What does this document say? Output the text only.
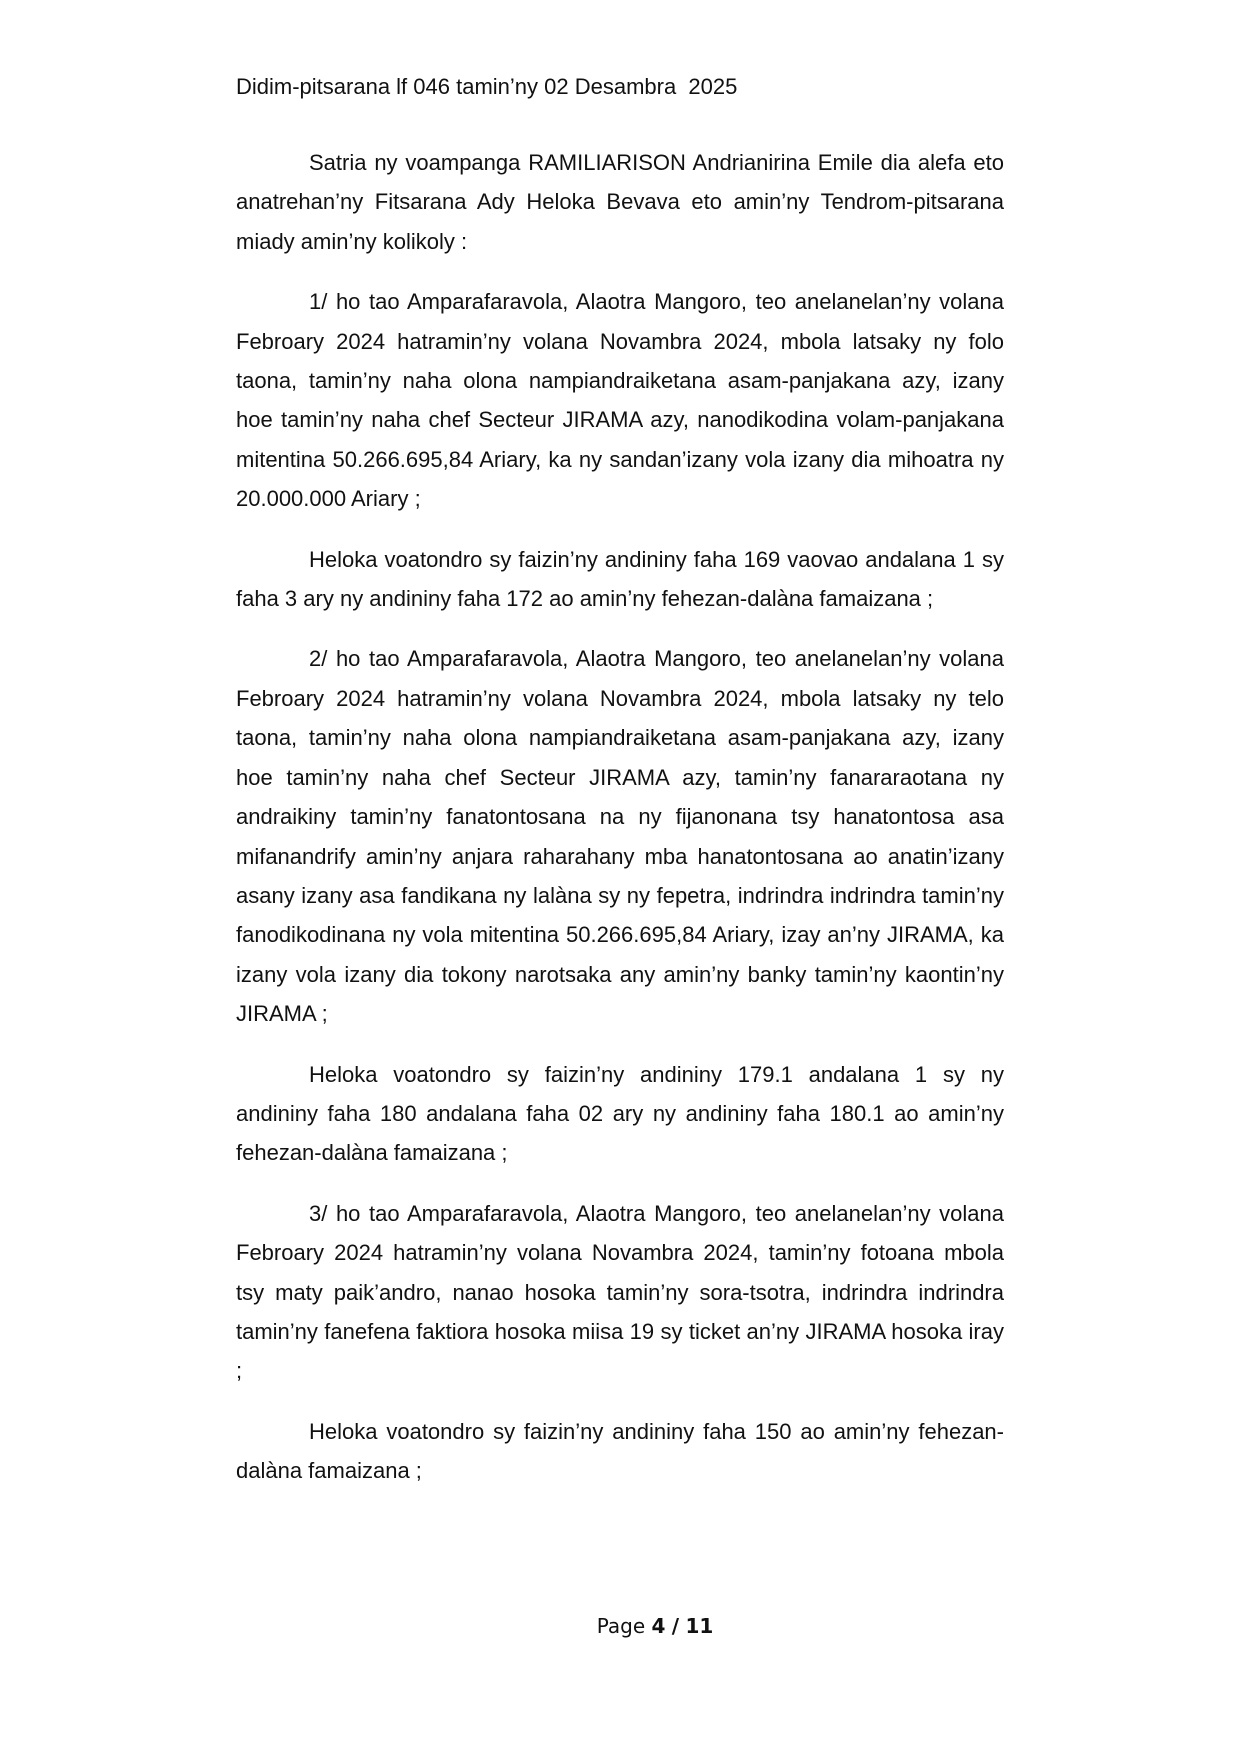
Didim-pitsarana lf 046 tamin’ny 02 Desambra  2025

Satria ny voampanga RAMILIARISON Andrianirina Emile dia alefa eto anatrehan’ny Fitsarana Ady Heloka Bevava eto amin’ny Tendrom-pitsarana miady amin’ny kolikoly :

1/ ho tao Amparafaravola, Alaotra Mangoro, teo anelanelan’ny volana Febroary 2024 hatramin’ny volana Novambra 2024, mbola latsaky ny folo taona, tamin’ny naha olona nampiandraiketana asam-panjakana azy, izany hoe tamin’ny naha chef Secteur JIRAMA azy, nanodikodina volam-panjakana mitentina 50.266.695,84 Ariary, ka ny sandan’izany vola izany dia mihoatra ny 20.000.000 Ariary ;

Heloka voatondro sy faizin’ny andininy faha 169 vaovao andalana 1 sy faha 3 ary ny andininy faha 172 ao amin’ny fehezan-dalàna famaizana ;

2/ ho tao Amparafaravola, Alaotra Mangoro, teo anelanelan’ny volana Febroary 2024 hatramin’ny volana Novambra 2024, mbola latsaky ny telo taona, tamin’ny naha olona nampiandraiketana asam-panjakana azy, izany hoe tamin’ny naha chef Secteur JIRAMA azy, tamin’ny fanararaotana ny andraikiny tamin’ny fanatontosana na ny fijanonana tsy hanatontosa asa mifanandrify amin’ny anjara raharahany mba hanatontosana ao anatin’izany asany izany asa fandikana ny lalàna sy ny fepetra, indrindra indrindra tamin’ny fanodikodinana ny vola mitentina 50.266.695,84 Ariary, izay an’ny JIRAMA, ka izany vola izany dia tokony narotsaka any amin’ny banky tamin’ny kaontin’ny JIRAMA ;

Heloka voatondro sy faizin’ny andininy 179.1 andalana 1 sy ny andininy faha 180 andalana faha 02 ary ny andininy faha 180.1 ao amin’ny fehezan-dalàna famaizana ;

3/ ho tao Amparafaravola, Alaotra Mangoro, teo anelanelan’ny volana Febroary 2024 hatramin’ny volana Novambra 2024, tamin’ny fotoana mbola tsy maty paik’andro, nanao hosoka tamin’ny sora-tsotra, indrindra indrindra tamin’ny fanefena faktiora hosoka miisa 19 sy ticket an’ny JIRAMA hosoka iray ;

Heloka voatondro sy faizin’ny andininy faha 150 ao amin’ny fehezan-dalàna famaizana ;

Page 4 / 11
